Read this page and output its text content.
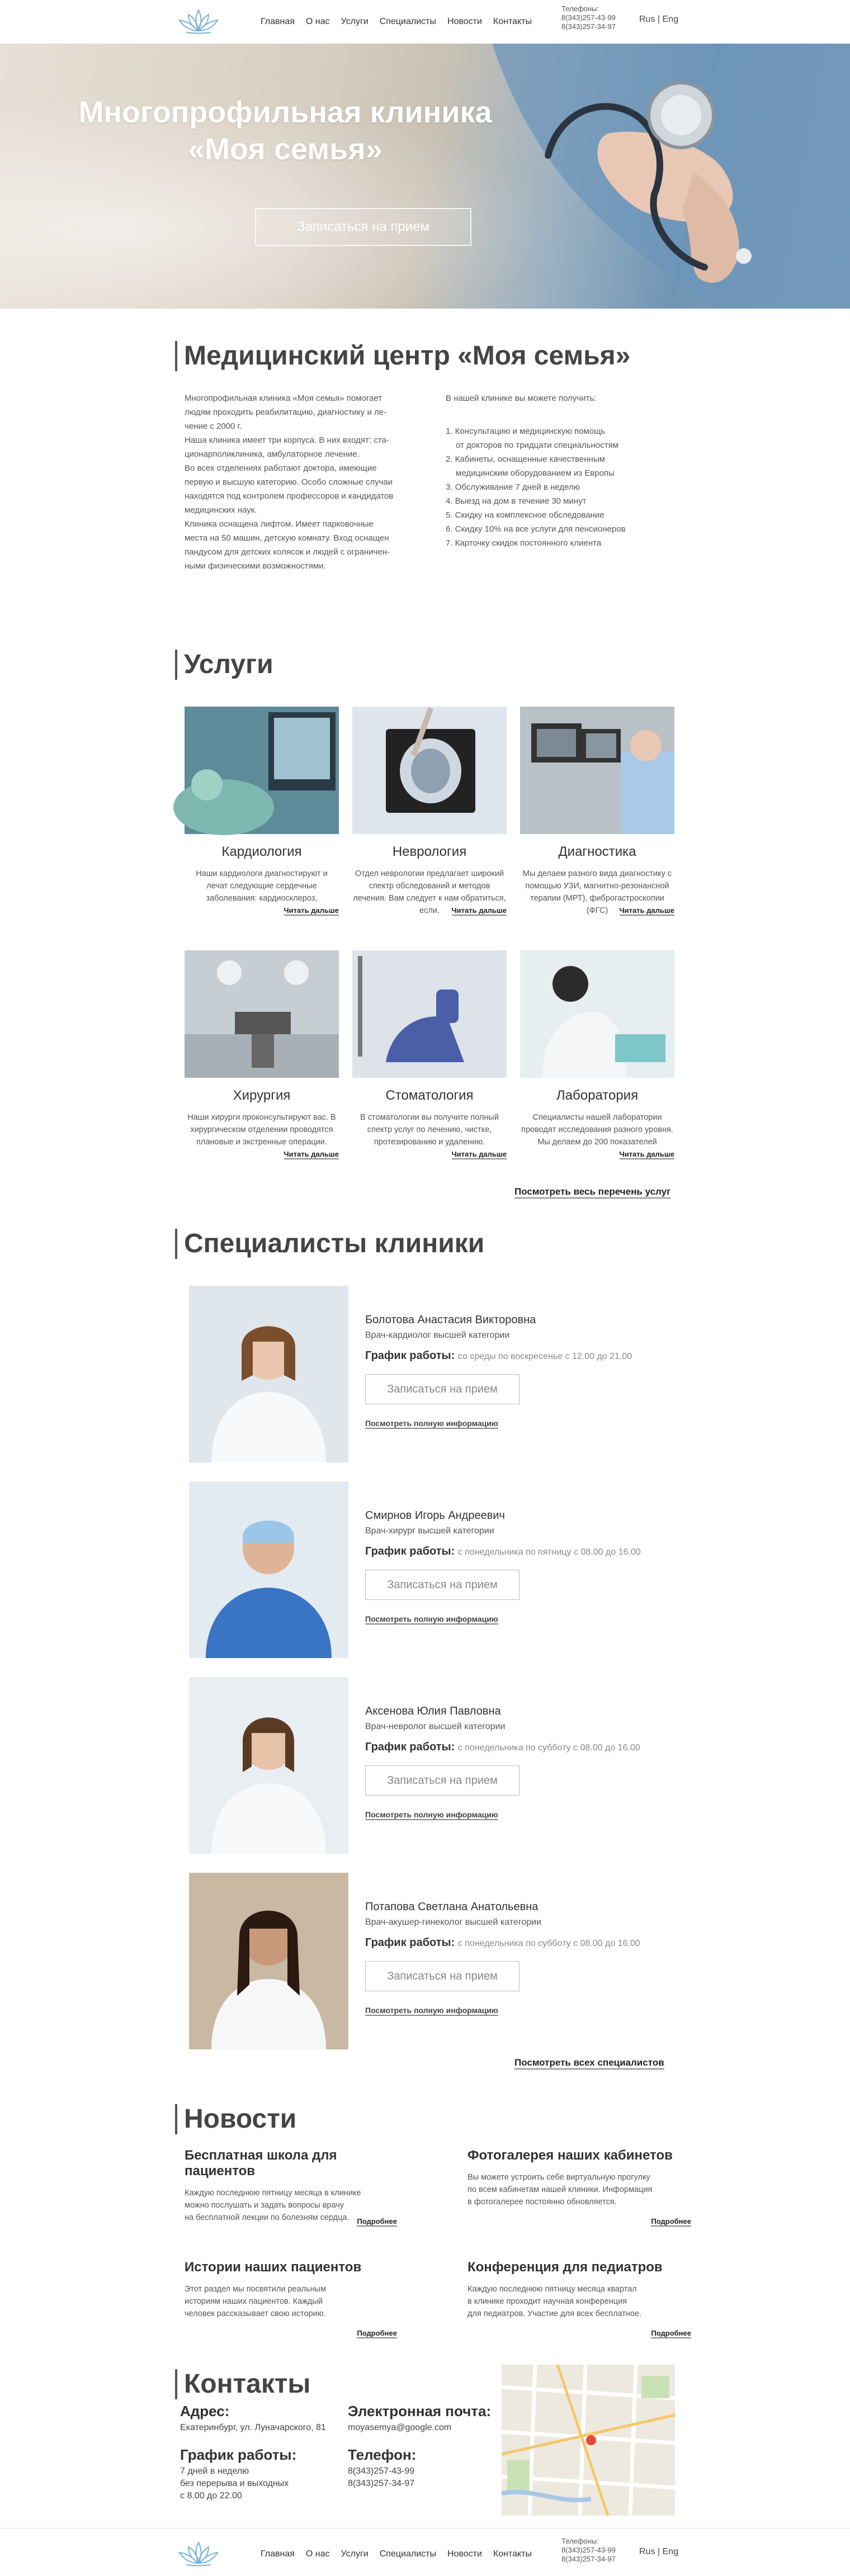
Главная О нас Услуги Специалисты Новости Контакты
Телефоны:
8(343)257-43-99
8(343)257-34-97
Rus | Eng
Многопрофильная клиника
«Моя семья»
Записаться на прием
Медицинский центр «Моя семья»
Многопрофильная клиника «Моя семья» помогает
людям проходить реабилитацию, диагностику и ле-
чение с 2000 г.
Наша клиника имеет три корпуса. В них входят: ста-
ционарполиклиника, амбулаторное лечение.
Во всех отделениях работают доктора, имеющие
первую и высшую категорию. Особо сложные случаи
находятся под контролем профессоров и кандидатов
медицинских наук.
Клиника оснащена лифтом. Имеет парковочные
места на 50 машин, детскую комнату. Вход оснащен
пандусом для детских колясок и людей с ограничен-
ными физическими возможностями.
В нашей клинике вы можете получить:
1. Консультацию и медицинскую помощь
от докторов по тридцати специальностям
2. Кабинеты, оснащенные качественным
медицинским оборудованием из Европы
3. Обслуживание 7 дней в неделю
4. Выезд на дом в течение 30 минут
5. Скидку на комплексное обследование
6. Скидку 10% на все услуги для пенсионеров
7. Карточку скидок постоянного клиента
Услуги
Кардиология
Наши кардиологи диагностируют и лечат следующие сердечные заболевания: кардиосклероз,
Читать дальше
Неврология
Отдел неврологии предлагает широкий спектр обследований и методов лечения. Вам следует к нам обратиться, если,	Читать дальше
Диагностика
Мы делаем разного вида диагностику с помощью УЗИ, магнитно-резонансной терапии (МРТ), фиброгастроскопии (ФГС)	Читать дальше
Хирургия
Наши хирурги проконсультируют вас. В хирургическом отделении проводятся плановые и экстренные операции.
Читать дальше
Стоматология
В стоматологии вы получите полный спектр услуг по лечению, чистке, протезированию и удалению.
Читать дальше
Лаборатория
Специалисты нашей лаборатории проводят исследования разного уровня. Мы делаем до 200 показателей
Читать дальше
Посмотреть весь перечень услуг
Специалисты клиники
Болотова Анастасия Викторовна
Врач-кардиолог высшей категории
График работы: со среды по воскресенье с 12.00 до 21.00
Записаться на прием
Посмотреть полную информацию
Смирнов Игорь Андреевич
Врач-хирург высшей категории
График работы: с понедельника по пятницу с 08.00 до 16.00
Записаться на прием
Посмотреть полную информацию
Аксенова Юлия Павловна
Врач-невролог высшей категории
График работы: с понедельника по субботу с 08.00 до 16.00
Записаться на прием
Посмотреть полную информацию
Потапова Светлана Анатольевна
Врач-акушер-гинеколог высшей категории
График работы: с понедельника по субботу с 08.00 до 16.00
Записаться на прием
Посмотреть полную информацию
Посмотреть всех специалистов
Новости
Бесплатная школа для пациентов
Каждую последнюю пятницу месяца в клинике
можно послушать и задать вопросы врачу
на бесплатной лекции по болезням сердца.	Подробнее
Фотогалерея наших кабинетов
Вы можете устроить себе виртуальную прогулку
по всем кабинетам нашей клиники. Информация
в фотогалерее постоянно обновляется.
Подробнее
Истории наших пациентов
Этот раздел мы посвятили реальным
историям наших пациентов. Каждый
человек рассказывает свою историю.
Подробнее
Конференция для педиатров
Каждую последнюю пятницу месяца квартал
в клинике проходит научная конференция
для педиатров. Участие для всех бесплатное.
Подробнее
Контакты
Адрес:
Екатеринбург, ул. Луначарского, 81
Электронная почта:
moyasemya@google.com
График работы:
7 дней в неделю
без перерыва и выходных
с 8.00 до 22.00
Телефон:
8(343)257-43-99
8(343)257-34-97
Главная О нас Услуги Специалисты Новости Контакты
Телефоны:
8(343)257-43-99
8(343)257-34-97
Rus | Eng
